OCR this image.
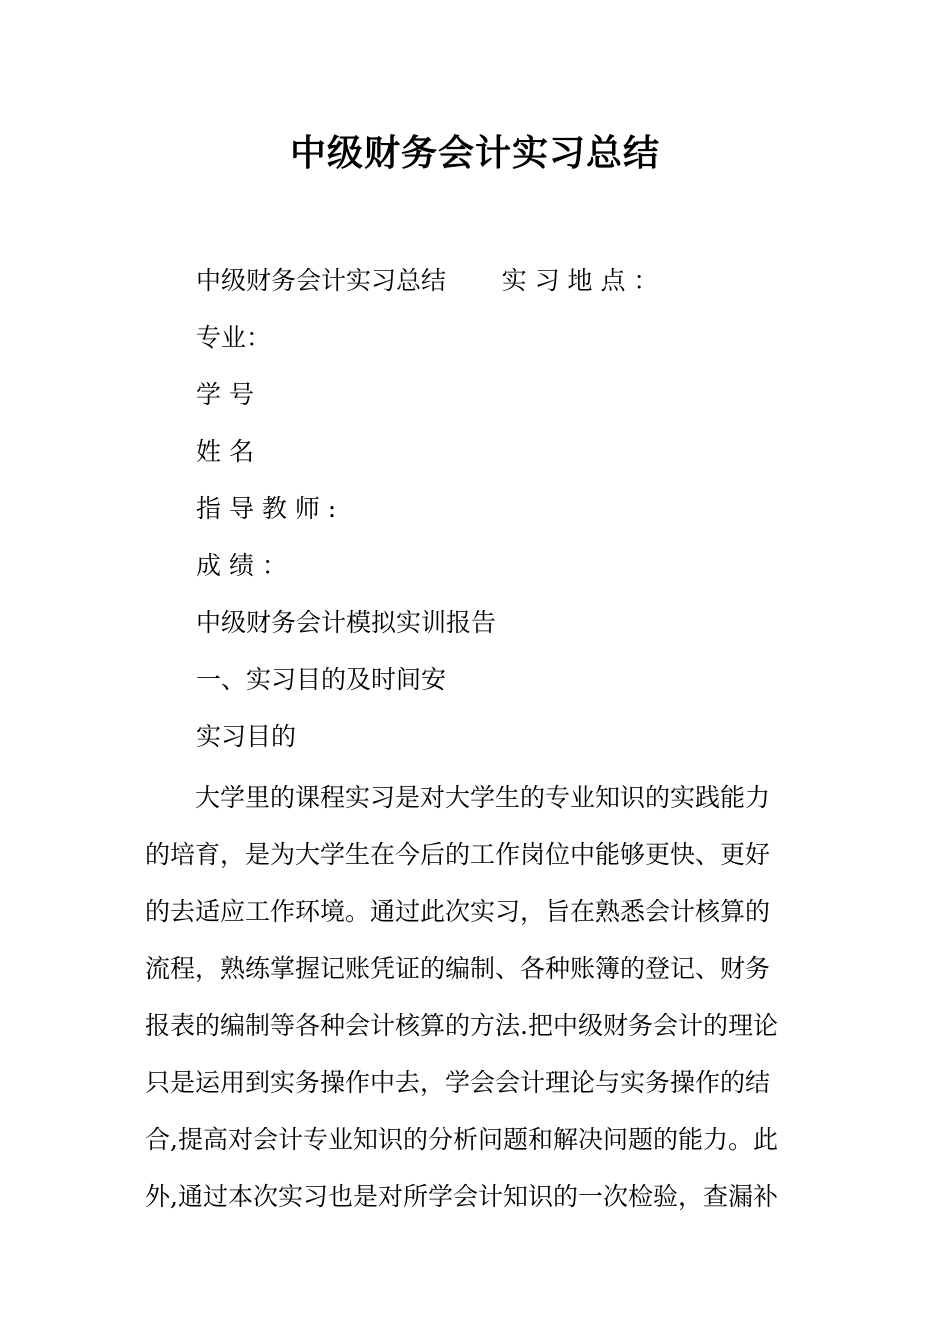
中级财务会计实习总结
中级财务会计实习总结       实 习 地 点 ：
专业：
学 号
姓 名
指 导 教 师 :
成 绩 ：
中级财务会计模拟实训报告
一、实习目的及时间安
实习目的
　　大学里的课程实习是对大学生的专业知识的实践能力
的培育，是为大学生在今后的工作岗位中能够更快、更好
的去适应工作环境。通过此次实习，旨在熟悉会计核算的
流程，熟练掌握记账凭证的编制、各种账簿的登记、财务
报表的编制等各种会计核算的方法.把中级财务会计的理论
只是运用到实务操作中去，学会会计理论与实务操作的结
合,提高对会计专业知识的分析问题和解决问题的能力。此
外,通过本次实习也是对所学会计知识的一次检验，查漏补
